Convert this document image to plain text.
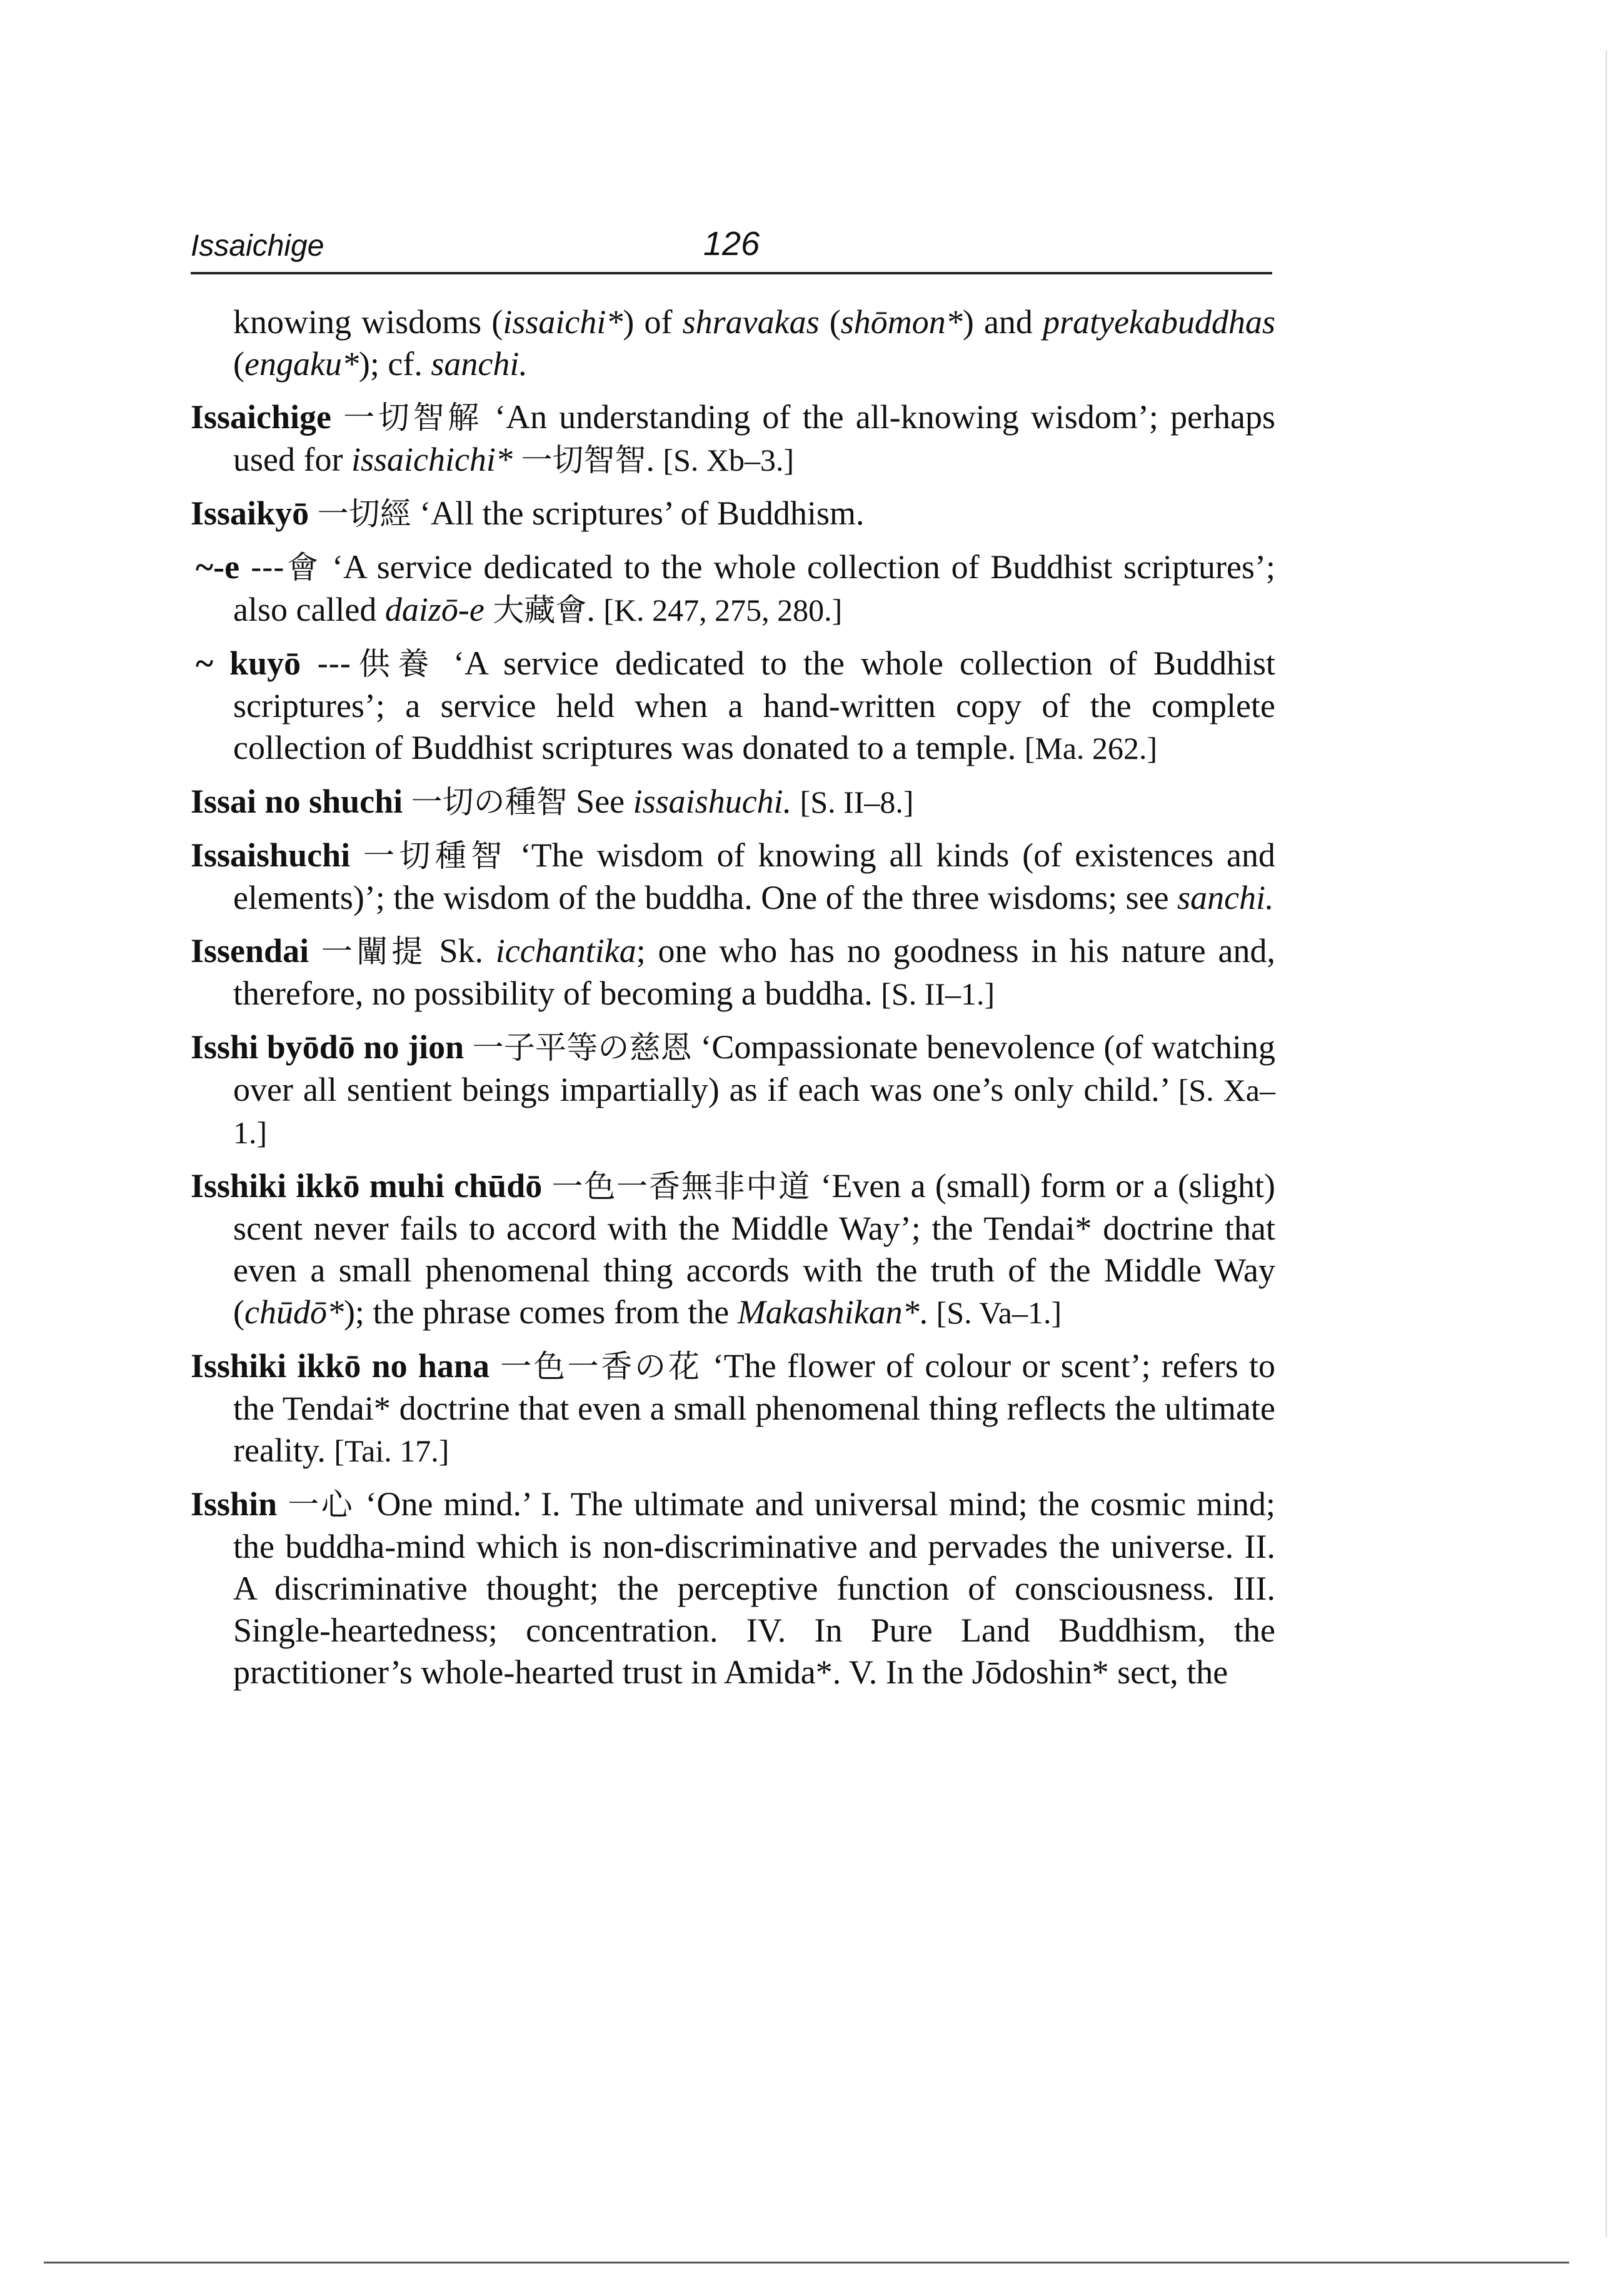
Issaichige	126

knowing wisdoms (issaichi*) of shravakas (shōmon*) and pratyekabuddhas (engaku*); cf. sanchi.

Issaichige 一切智解 ‘An understanding of the all-knowing wisdom’; perhaps used for issaichichi* 一切智智. [S. Xb–3.]

Issaikyō 一切經 ‘All the scriptures’ of Buddhism.

~-e ---會 ‘A service dedicated to the whole collection of Buddhist scriptures’; also called daizō-e 大藏會. [K. 247, 275, 280.]

~ kuyō ---供養 ‘A service dedicated to the whole collection of Buddhist scriptures’; a service held when a hand-written copy of the complete collection of Buddhist scriptures was donated to a temple. [Ma. 262.]

Issai no shuchi 一切の種智 See issaishuchi. [S. II–8.]

Issaishuchi 一切種智 ‘The wisdom of knowing all kinds (of existences and elements)’; the wisdom of the buddha. One of the three wisdoms; see sanchi.

Issendai 一闡提 Sk. icchantika; one who has no goodness in his nature and, therefore, no possibility of becoming a buddha. [S. II–1.]

Isshi byōdō no jion 一子平等の慈恩 ‘Compassionate benevolence (of watching over all sentient beings impartially) as if each was one’s only child.’ [S. Xa–1.]

Isshiki ikkō muhi chūdō 一色一香無非中道 ‘Even a (small) form or a (slight) scent never fails to accord with the Middle Way’; the Tendai* doctrine that even a small phenomenal thing accords with the truth of the Middle Way (chūdō*); the phrase comes from the Makashikan*. [S. Va–1.]

Isshiki ikkō no hana 一色一香の花 ‘The flower of colour or scent’; refers to the Tendai* doctrine that even a small phenomenal thing reflects the ultimate reality. [Tai. 17.]

Isshin 一心 ‘One mind.’ I. The ultimate and universal mind; the cosmic mind; the buddha-mind which is non-discriminative and pervades the universe. II. A discriminative thought; the perceptive function of consciousness. III. Single-heartedness; concentration. IV. In Pure Land Buddhism, the practitioner’s whole-hearted trust in Amida*. V. In the Jōdoshin* sect, the
